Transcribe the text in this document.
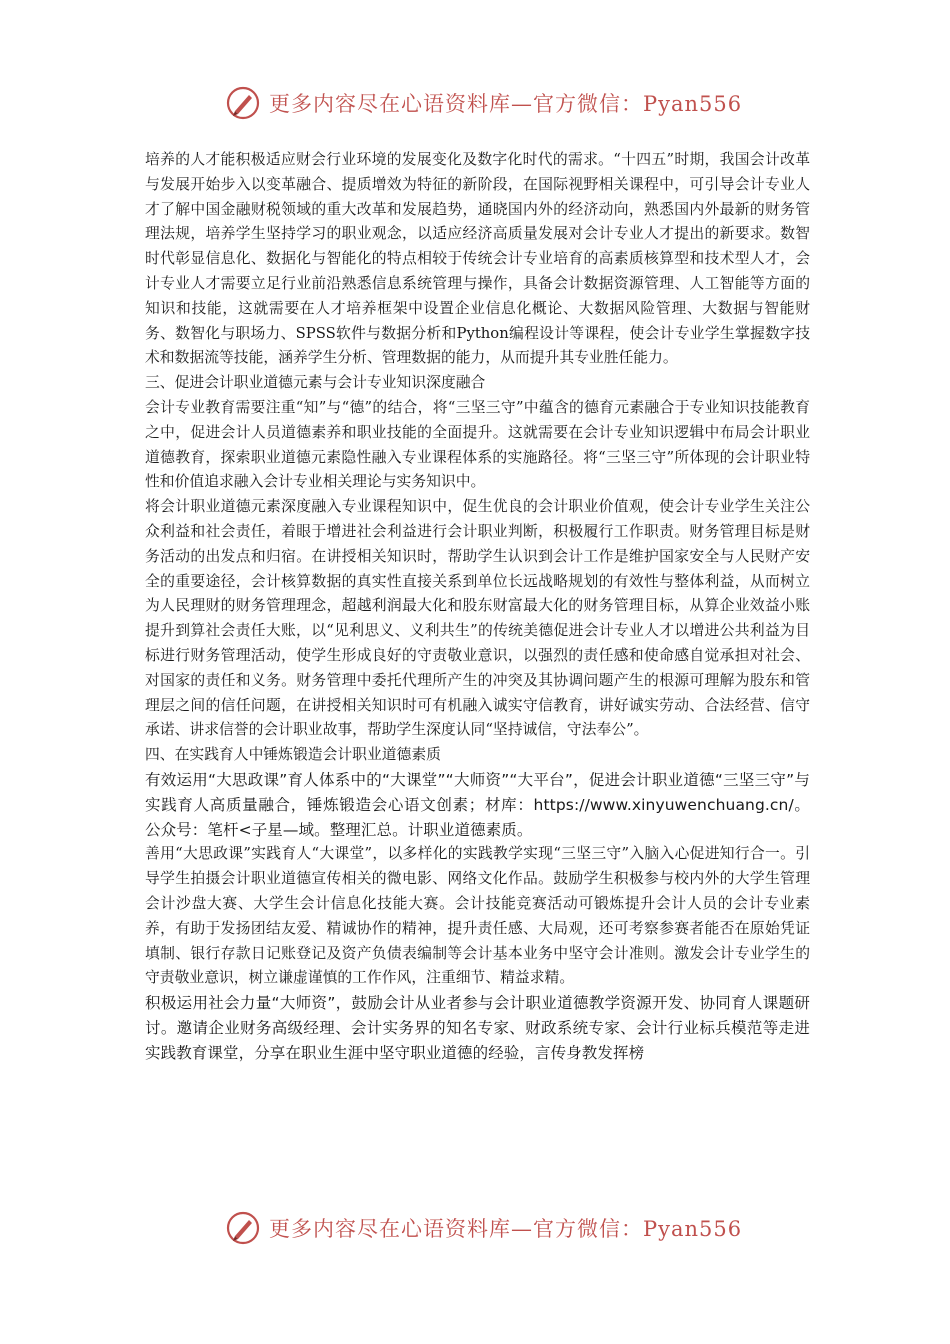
更多内容尽在心语资料库—官方微信：Pyan556

培养的人才能积极适应财会行业环境的发展变化及数字化时代的需求。“十四五”时期，我国会计改革与发展开始步入以变革融合、提质增效为特征的新阶段，在国际视野相关课程中，可引导会计专业人才了解中国金融财税领域的重大改革和发展趋势，通晓国内外的经济动向，熟悉国内外最新的财务管理法规，培养学生坚持学习的职业观念，以适应经济高质量发展对会计专业人才提出的新要求。数智时代彰显信息化、数据化与智能化的特点相较于传统会计专业培育的高素质核算型和技术型人才，会计专业人才需要立足行业前沿熟悉信息系统管理与操作，具备会计数据资源管理、人工智能等方面的知识和技能，这就需要在人才培养框架中设置企业信息化概论、大数据风险管理、大数据与智能财务、数智化与职场力、SPSS软件与数据分析和Python编程设计等课程，使会计专业学生掌握数字技术和数据流等技能，涵养学生分析、管理数据的能力，从而提升其专业胜任能力。

三、促进会计职业道德元素与会计专业知识深度融合

会计专业教育需要注重“知”与“德”的结合，将“三坚三守”中蕴含的德育元素融合于专业知识技能教育之中，促进会计人员道德素养和职业技能的全面提升。这就需要在会计专业知识逻辑中布局会计职业道德教育，探索职业道德元素隐性融入专业课程体系的实施路径。将“三坚三守”所体现的会计职业特性和价值追求融入会计专业相关理论与实务知识中。

将会计职业道德元素深度融入专业课程知识中，促生优良的会计职业价值观，使会计专业学生关注公众利益和社会责任，着眼于增进社会利益进行会计职业判断，积极履行工作职责。财务管理目标是财务活动的出发点和归宿。在讲授相关知识时，帮助学生认识到会计工作是维护国家安全与人民财产安全的重要途径，会计核算数据的真实性直接关系到单位长远战略规划的有效性与整体利益，从而树立为人民理财的财务管理理念，超越利润最大化和股东财富最大化的财务管理目标，从算企业效益小账提升到算社会责任大账，以“见利思义、义利共生”的传统美德促进会计专业人才以增进公共利益为目标进行财务管理活动，使学生形成良好的守责敬业意识，以强烈的责任感和使命感自觉承担对社会、对国家的责任和义务。财务管理中委托代理所产生的冲突及其协调问题产生的根源可理解为股东和管理层之间的信任问题，在讲授相关知识时可有机融入诚实守信教育，讲好诚实劳动、合法经营、信守承诺、讲求信誉的会计职业故事，帮助学生深度认同“坚持诚信，守法奉公”。

四、在实践育人中锤炼锻造会计职业道德素质

有效运用“大思政课”育人体系中的“大课堂”“大师资”“大平台”，促进会计职业道德“三坚三守”与实践育人高质量融合，锤炼锻造会心语文创素；材库：https://www.xinyuwenchuang.cn/。公众号：笔杆<子星—域。整理汇总。计职业道德素质。

善用“大思政课”实践育人“大课堂”，以多样化的实践教学实现“三坚三守”入脑入心促进知行合一。引导学生拍摄会计职业道德宣传相关的微电影、网络文化作品。鼓励学生积极参与校内外的大学生管理会计沙盘大赛、大学生会计信息化技能大赛。会计技能竞赛活动可锻炼提升会计人员的会计专业素养，有助于发扬团结友爱、精诚协作的精神，提升责任感、大局观，还可考察参赛者能否在原始凭证填制、银行存款日记账登记及资产负债表编制等会计基本业务中坚守会计准则。激发会计专业学生的守责敬业意识，树立谦虚谨慎的工作作风，注重细节、精益求精。

积极运用社会力量“大师资”，鼓励会计从业者参与会计职业道德教学资源开发、协同育人课题研讨。邀请企业财务高级经理、会计实务界的知名专家、财政系统专家、会计行业标兵模范等走进实践教育课堂，分享在职业生涯中坚守职业道德的经验，言传身教发挥榜

更多内容尽在心语资料库—官方微信：Pyan556
